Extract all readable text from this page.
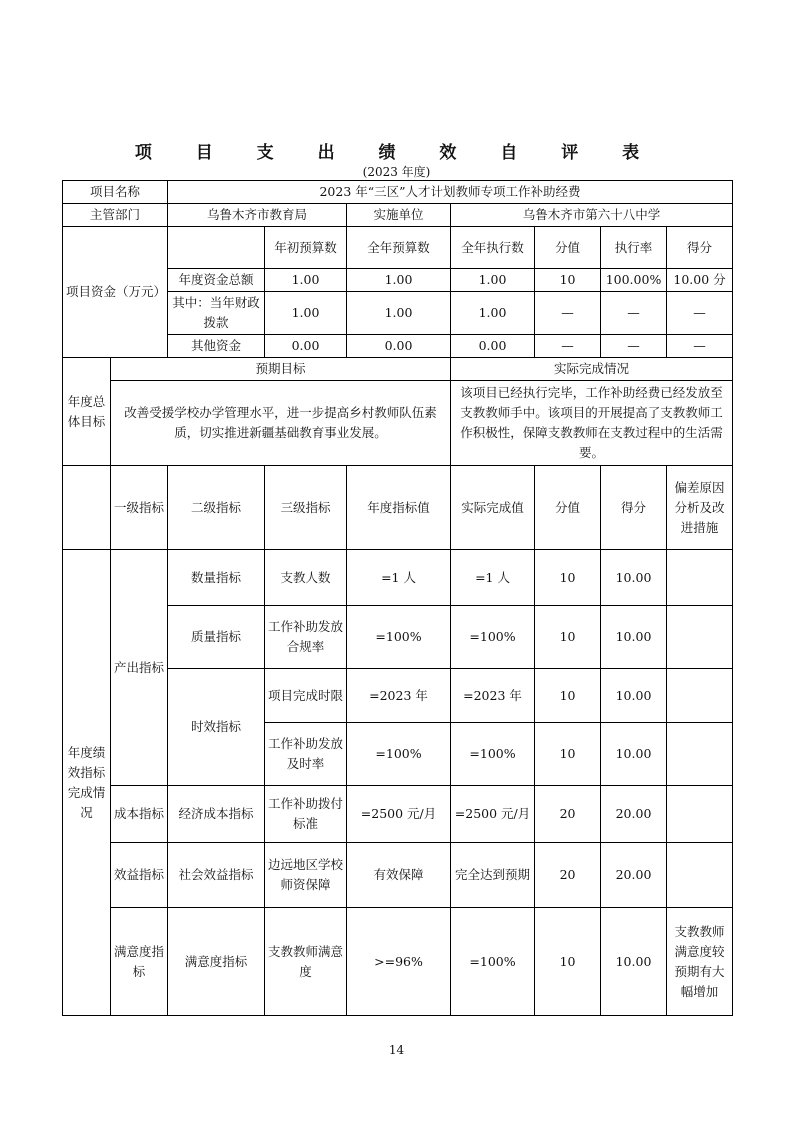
项 目 支 出 绩 效 自 评 表
(2023 年度)
项目名称		2023 年“三区”人才计划教师专项工作补助经费						
主管部门		乌鲁木齐市教育局		实施单位	乌鲁木齐市第六十八中学			
项目资金（万元）			年初预算数	全年预算数	全年执行数	分值	执行率	得分
		年度资金总额	1.00	1.00	1.00	10	100.00%	10.00 分
		其中：当年财政拨款	1.00	1.00	1.00	—	—	—
		其他资金	0.00	0.00	0.00	—	—	—
年度总体目标	预期目标				实际完成情况			
	改善受援学校办学管理水平，进一步提高乡村教师队伍素质，切实推进新疆基础教育事业发展。				该项目已经执行完毕，工作补助经费已经发放至支教教师手中。该项目的开展提高了支教教师工作积极性，保障支教教师在支教过程中的生活需要。			
	一级指标	二级指标	三级指标	年度指标值	实际完成值	分值	得分	偏差原因分析及改进措施
年度绩效指标完成情况	产出指标	数量指标	支教人数	=1 人	=1 人	10	10.00	
		质量指标	工作补助发放合规率	=100%	=100%	10	10.00	
		时效指标	项目完成时限	=2023 年	=2023 年	10	10.00	
			工作补助发放及时率	=100%	=100%	10	10.00	
	成本指标	经济成本指标	工作补助拨付标准	=2500 元/月	=2500 元/月	20	20.00	
	效益指标	社会效益指标	边远地区学校师资保障	有效保障	完全达到预期	20	20.00	
	满意度指标	满意度指标	支教教师满意度	>=96%	=100%	10	10.00	支教教师满意度较预期有大幅增加
14
